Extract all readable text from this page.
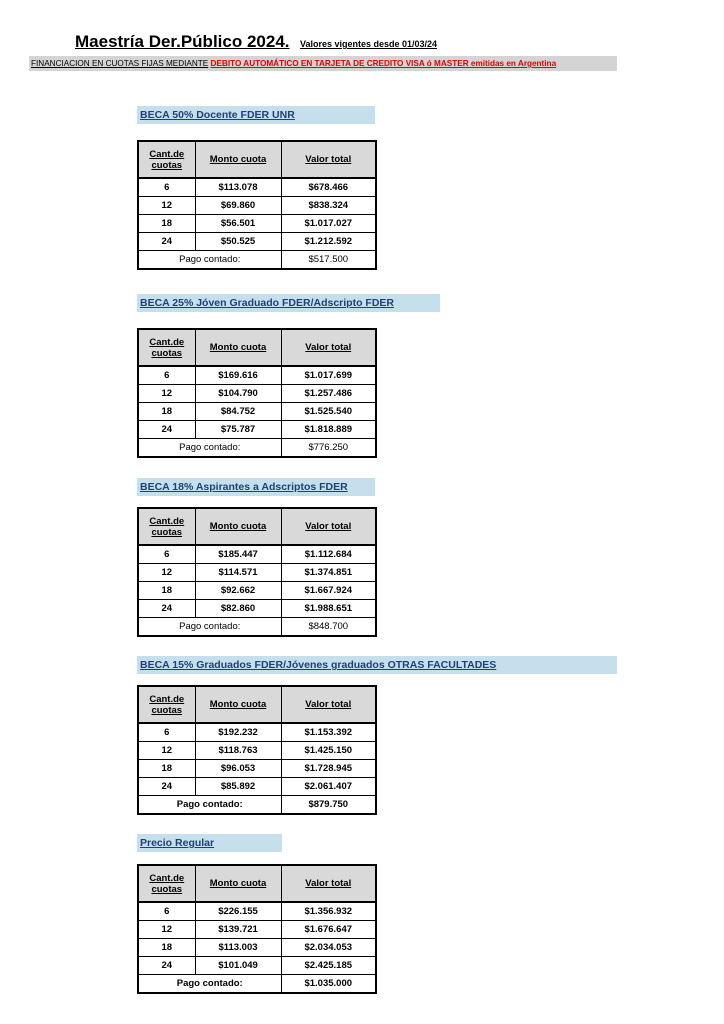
Maestría Der.Público 2024. Valores vigentes desde 01/03/24
FINANCIACION EN CUOTAS FIJAS MEDIANTE DEBITO AUTOMÁTICO EN TARJETA DE CREDITO VISA ó MASTER emitidas en Argentina
BECA 50% Docente FDER UNR
Cant.de cuotas	Monto cuota	Valor total
6	$113.078	$678.466
12	$69.860	$838.324
18	$56.501	$1.017.027
24	$50.525	$1.212.592
Pago contado:		$517.500
BECA 25% Jóven Graduado FDER/Adscripto FDER
Cant.de cuotas	Monto cuota	Valor total
6	$169.616	$1.017.699
12	$104.790	$1.257.486
18	$84.752	$1.525.540
24	$75.787	$1.818.889
Pago contado:		$776.250
BECA 18% Aspirantes a Adscriptos FDER
Cant.de cuotas	Monto cuota	Valor total
6	$185.447	$1.112.684
12	$114.571	$1.374.851
18	$92.662	$1.667.924
24	$82.860	$1.988.651
Pago contado:		$848.700
BECA 15% Graduados FDER/Jóvenes graduados OTRAS FACULTADES
Cant.de cuotas	Monto cuota	Valor total
6	$192.232	$1.153.392
12	$118.763	$1.425.150
18	$96.053	$1.728.945
24	$85.892	$2.061.407
Pago contado:		$879.750
Precio Regular
Cant.de cuotas	Monto cuota	Valor total
6	$226.155	$1.356.932
12	$139.721	$1.676.647
18	$113.003	$2.034.053
24	$101.049	$2.425.185
Pago contado:		$1.035.000
